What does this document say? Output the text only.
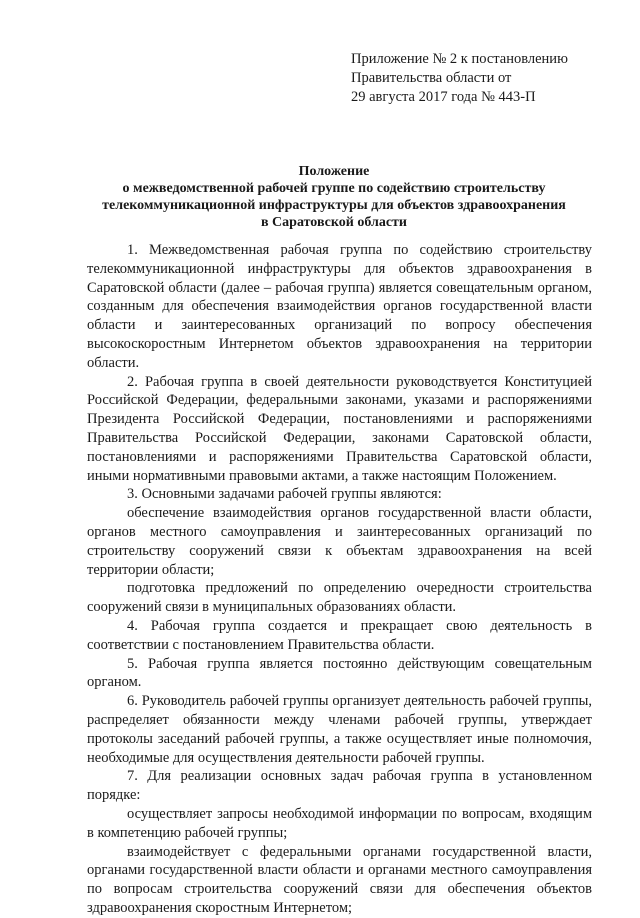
Приложение № 2 к постановлению
Правительства области от
29 августа 2017 года № 443-П
Положение
о межведомственной рабочей группе по содействию строительству
телекоммуникационной инфраструктуры для объектов здравоохранения
в Саратовской области

1. Межведомственная рабочая группа по содействию строительству телекоммуникационной инфраструктуры для объектов здравоохранения в Саратовской области (далее – рабочая группа) является совещательным органом, созданным для обеспечения взаимодействия органов государственной власти области и заинтересованных организаций по вопросу обеспечения высокоскоростным Интернетом объектов здравоохранения на территории области.

2. Рабочая группа в своей деятельности руководствуется Конституцией Российской Федерации, федеральными законами, указами и распоряжениями Президента Российской Федерации, постановлениями и распоряжениями Правительства Российской Федерации, законами Саратовской области, постановлениями и распоряжениями Правительства Саратовской области, иными нормативными правовыми актами, а также настоящим Положением.

3. Основными задачами рабочей группы являются:

обеспечение взаимодействия органов государственной власти области, органов местного самоуправления и заинтересованных организаций по строительству сооружений связи к объектам здравоохранения на всей территории области;

подготовка предложений по определению очередности строительства сооружений связи в муниципальных образованиях области.

4. Рабочая группа создается и прекращает свою деятельность в соответствии с постановлением Правительства области.

5. Рабочая группа является постоянно действующим совещательным органом.

6. Руководитель рабочей группы организует деятельность рабочей группы, распределяет обязанности между членами рабочей группы, утверждает протоколы заседаний рабочей группы, а также осуществляет иные полномочия, необходимые для осуществления деятельности рабочей группы.

7. Для реализации основных задач рабочая группа в установленном порядке:

осуществляет запросы необходимой информации по вопросам, входящим в компетенцию рабочей группы;

взаимодействует с федеральными органами государственной власти, органами государственной власти области и органами местного самоуправления по вопросам строительства сооружений связи для обеспечения объектов здравоохранения скоростным Интернетом;
